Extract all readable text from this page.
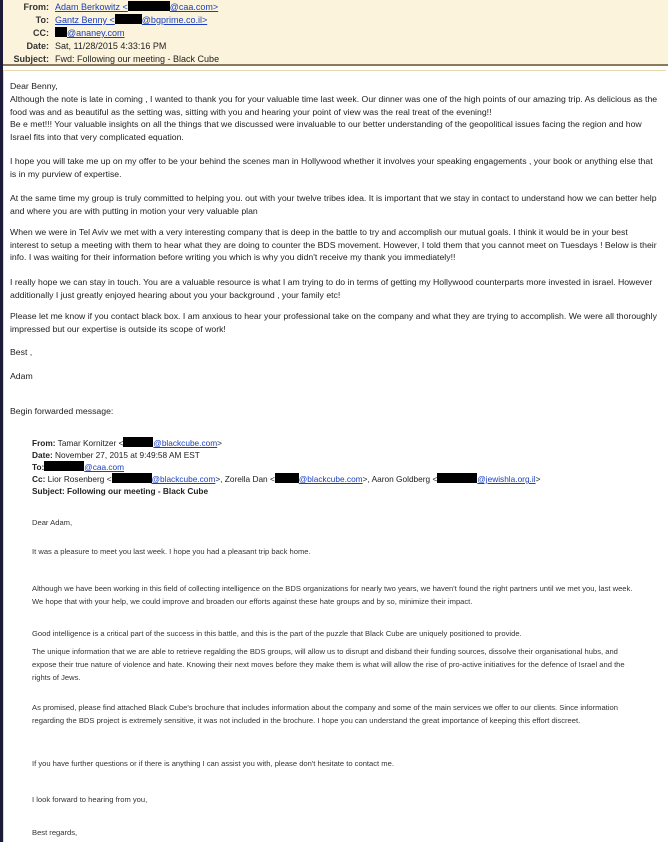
From: Adam Berkowitz <	@caa.com>
To: Gantz Benny <	@bgprime.co.il>
CC:	@ananey.com
Date: Sat, 11/28/2015 4:33:16 PM
Subject: Fwd: Following our meeting - Black Cube
Dear Benny,
Although the note is late in coming , I wanted to thank you for your valuable time last week. Our dinner was one of the high points of our amazing trip. As delicious as the food was and as beautiful as the setting was, sitting with you and hearing your point of view was the real treat of the evening!!
Be e met!!! Your valuable insights on all the things that we discussed were invaluable to our better understanding of the geopolitical issues facing the region and how Israel fits into that very complicated equation.
I hope you will take me up on my offer to be your behind the scenes man in Hollywood whether it involves your speaking engagements , your book or anything else that is in my purview of expertise.
At the same time my group is truly committed to helping you. out with your twelve tribes idea. It is important that we stay in contact to understand how we can better help and where you are with putting in motion your very valuable plan
When we were in Tel Aviv we met with a very interesting company that is deep in the battle to try and accomplish our mutual goals. I think it would be in your best interest to setup a meeting with them to hear what they are doing to counter the BDS movement. However, I told them that you cannot meet on Tuesdays ! Below is their info. I was waiting for their information before writing you which is why you didn't receive my thank you immediately!!
I really hope we can stay in touch. You are a valuable resource is what I am trying to do in terms of getting my Hollywood counterparts more invested in israel. However additionally I just greatly enjoyed hearing about you your background , your family etc!
Please let me know if you contact black box. I am anxious to hear your professional take on the company and what they are trying to accomplish. We were all thoroughly impressed but our expertise is outside its scope of work!
Best ,
Adam
Begin forwarded message:
From: Tamar Kornitzer <	@blackcube.com>
Date: November 27, 2015 at 9:49:58 AM EST
To:	@caa.com
Cc: Lior Rosenberg <	@blackcube.com>, Zorella Dan <	@blackcube.com>, Aaron Goldberg <	@jewishla.org.il>
Subject: Following our meeting - Black Cube
Dear Adam,
It was a pleasure to meet you last week. I hope you had a pleasant trip back home.
Although we have been working in this field of collecting intelligence on the BDS organizations for nearly two years, we haven't found the right partners until we met you, last week. We hope that with your help, we could improve and broaden our efforts against these hate groups and by so, minimize their impact.
Good intelligence is a critical part of the success in this battle, and this is the part of the puzzle that Black Cube are uniquely positioned to provide.
The unique information that we are able to retrieve regalding the BDS groups, will allow us to disrupt and disband their funding sources, dissolve their organisational hubs, and expose their true nature of violence and hate. Knowing their next moves before they make them is what will allow the rise of pro-active initiatives for the defence of Israel and the rights of Jews.
As promised, please find attached Black Cube's brochure that includes information about the company and some of the main services we offer to our clients. Since information regarding the BDS project is extremely sensitive, it was not included in the brochure. I hope you can understand the great importance of keeping this effort discreet.
If you have further questions or if there is anything I can assist you with, please don't hesitate to contact me.
I look forward to hearing from you,
Best regards,
